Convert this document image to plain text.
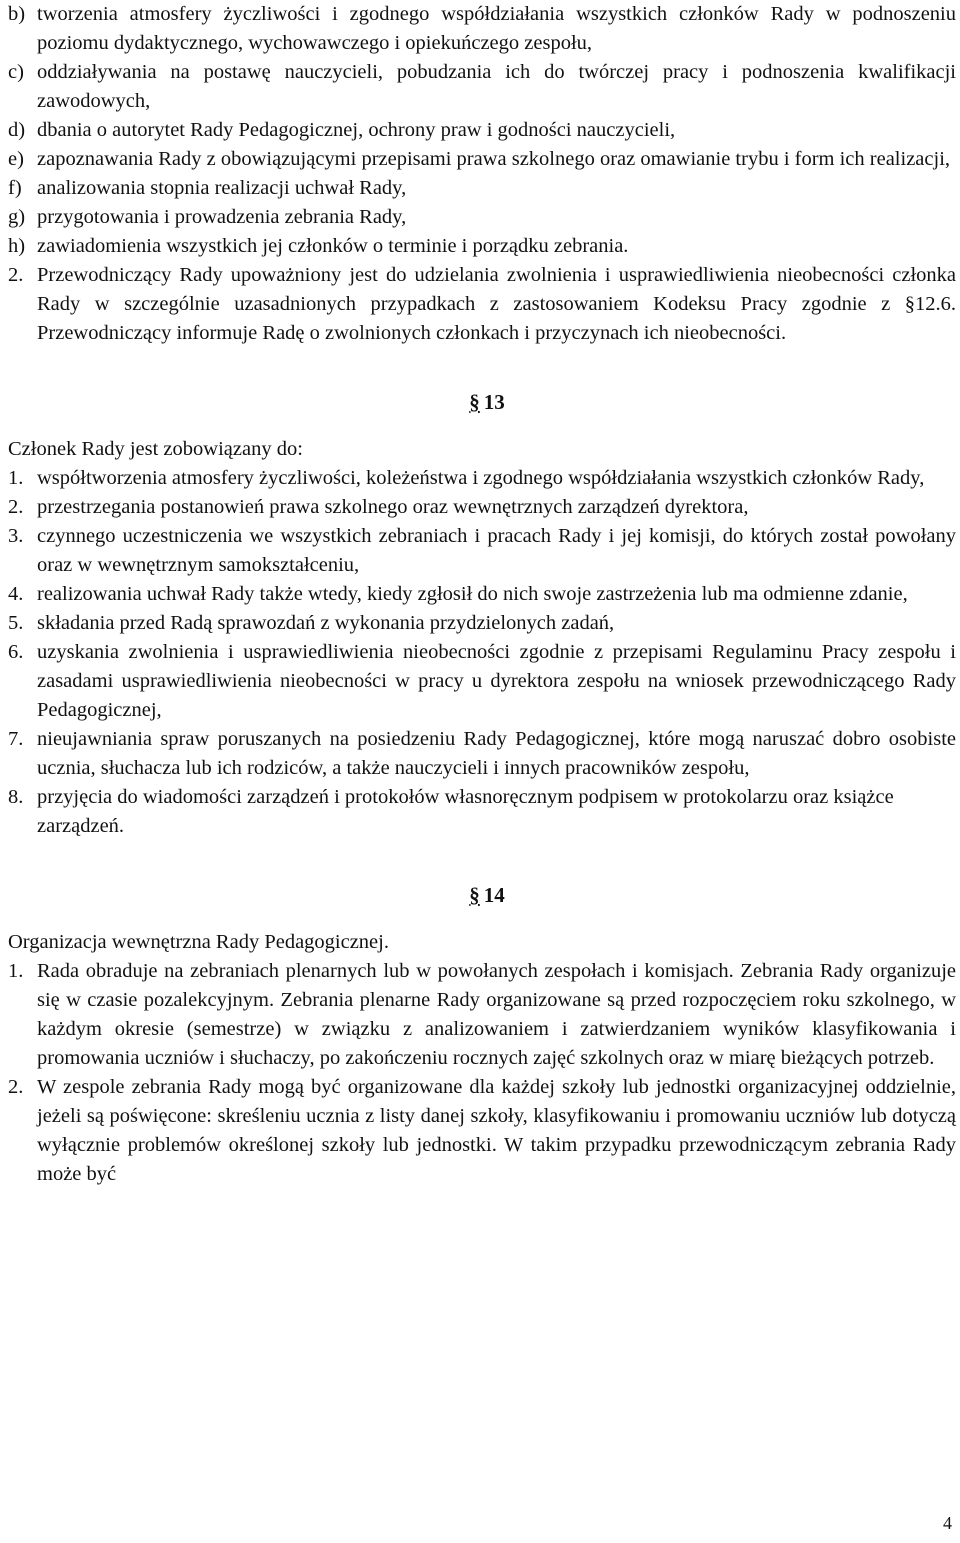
b) tworzenia atmosfery życzliwości i zgodnego współdziałania wszystkich członków Rady w podnoszeniu poziomu dydaktycznego, wychowawczego i opiekuńczego zespołu,
c) oddziaływania na postawę nauczycieli, pobudzania ich do twórczej pracy i podnoszenia kwalifikacji zawodowych,
d) dbania o autorytet Rady Pedagogicznej, ochrony praw i godności nauczycieli,
e) zapoznawania Rady z obowiązującymi przepisami prawa szkolnego oraz omawianie trybu i form ich realizacji,
f) analizowania stopnia realizacji uchwał Rady,
g) przygotowania i prowadzenia zebrania Rady,
h) zawiadomienia wszystkich jej członków o terminie i porządku zebrania.
2. Przewodniczący Rady upoważniony jest do udzielania zwolnienia i usprawiedliwienia nieobecności członka Rady w szczególnie uzasadnionych przypadkach z zastosowaniem Kodeksu Pracy zgodnie z §12.6. Przewodniczący informuje Radę o zwolnionych członkach i przyczynach ich nieobecności.
§ 13
Członek Rady jest zobowiązany do:
1. współtworzenia atmosfery życzliwości, koleżeństwa i zgodnego współdziałania wszystkich członków Rady,
2. przestrzegania postanowień prawa szkolnego oraz wewnętrznych zarządzeń dyrektora,
3. czynnego uczestniczenia we wszystkich zebraniach i pracach Rady i jej komisji, do których został powołany oraz w wewnętrznym samokształceniu,
4. realizowania uchwał Rady także wtedy, kiedy zgłosił do nich swoje zastrzeżenia lub ma odmienne zdanie,
5. składania przed Radą sprawozdań z wykonania przydzielonych zadań,
6. uzyskania zwolnienia i usprawiedliwienia nieobecności zgodnie z przepisami Regulaminu Pracy zespołu i zasadami usprawiedliwienia nieobecności w pracy u dyrektora zespołu na wniosek przewodniczącego Rady Pedagogicznej,
7. nieujawniania spraw poruszanych na posiedzeniu Rady Pedagogicznej, które mogą naruszać dobro osobiste ucznia, słuchacza lub ich rodziców, a także nauczycieli i innych pracowników zespołu,
8. przyjęcia do wiadomości zarządzeń i protokołów własnoręcznym podpisem w protokolarzu oraz książce zarządzeń.
§ 14
Organizacja wewnętrzna Rady Pedagogicznej.
1. Rada obraduje na zebraniach plenarnych lub w powołanych zespołach i komisjach. Zebrania Rady organizuje się w czasie pozalekcyjnym. Zebrania plenarne Rady organizowane są przed rozpoczęciem roku szkolnego, w każdym okresie (semestrze) w związku z analizowaniem i zatwierdzaniem wyników klasyfikowania i promowania uczniów i słuchaczy, po zakończeniu rocznych zajęć szkolnych oraz w miarę bieżących potrzeb.
2. W zespole zebrania Rady mogą być organizowane dla każdej szkoły lub jednostki organizacyjnej oddzielnie, jeżeli są poświęcone: skreśleniu ucznia z listy danej szkoły, klasyfikowaniu i promowaniu uczniów lub dotyczą wyłącznie problemów określonej szkoły lub jednostki. W takim przypadku przewodniczącym zebrania Rady może być
4
